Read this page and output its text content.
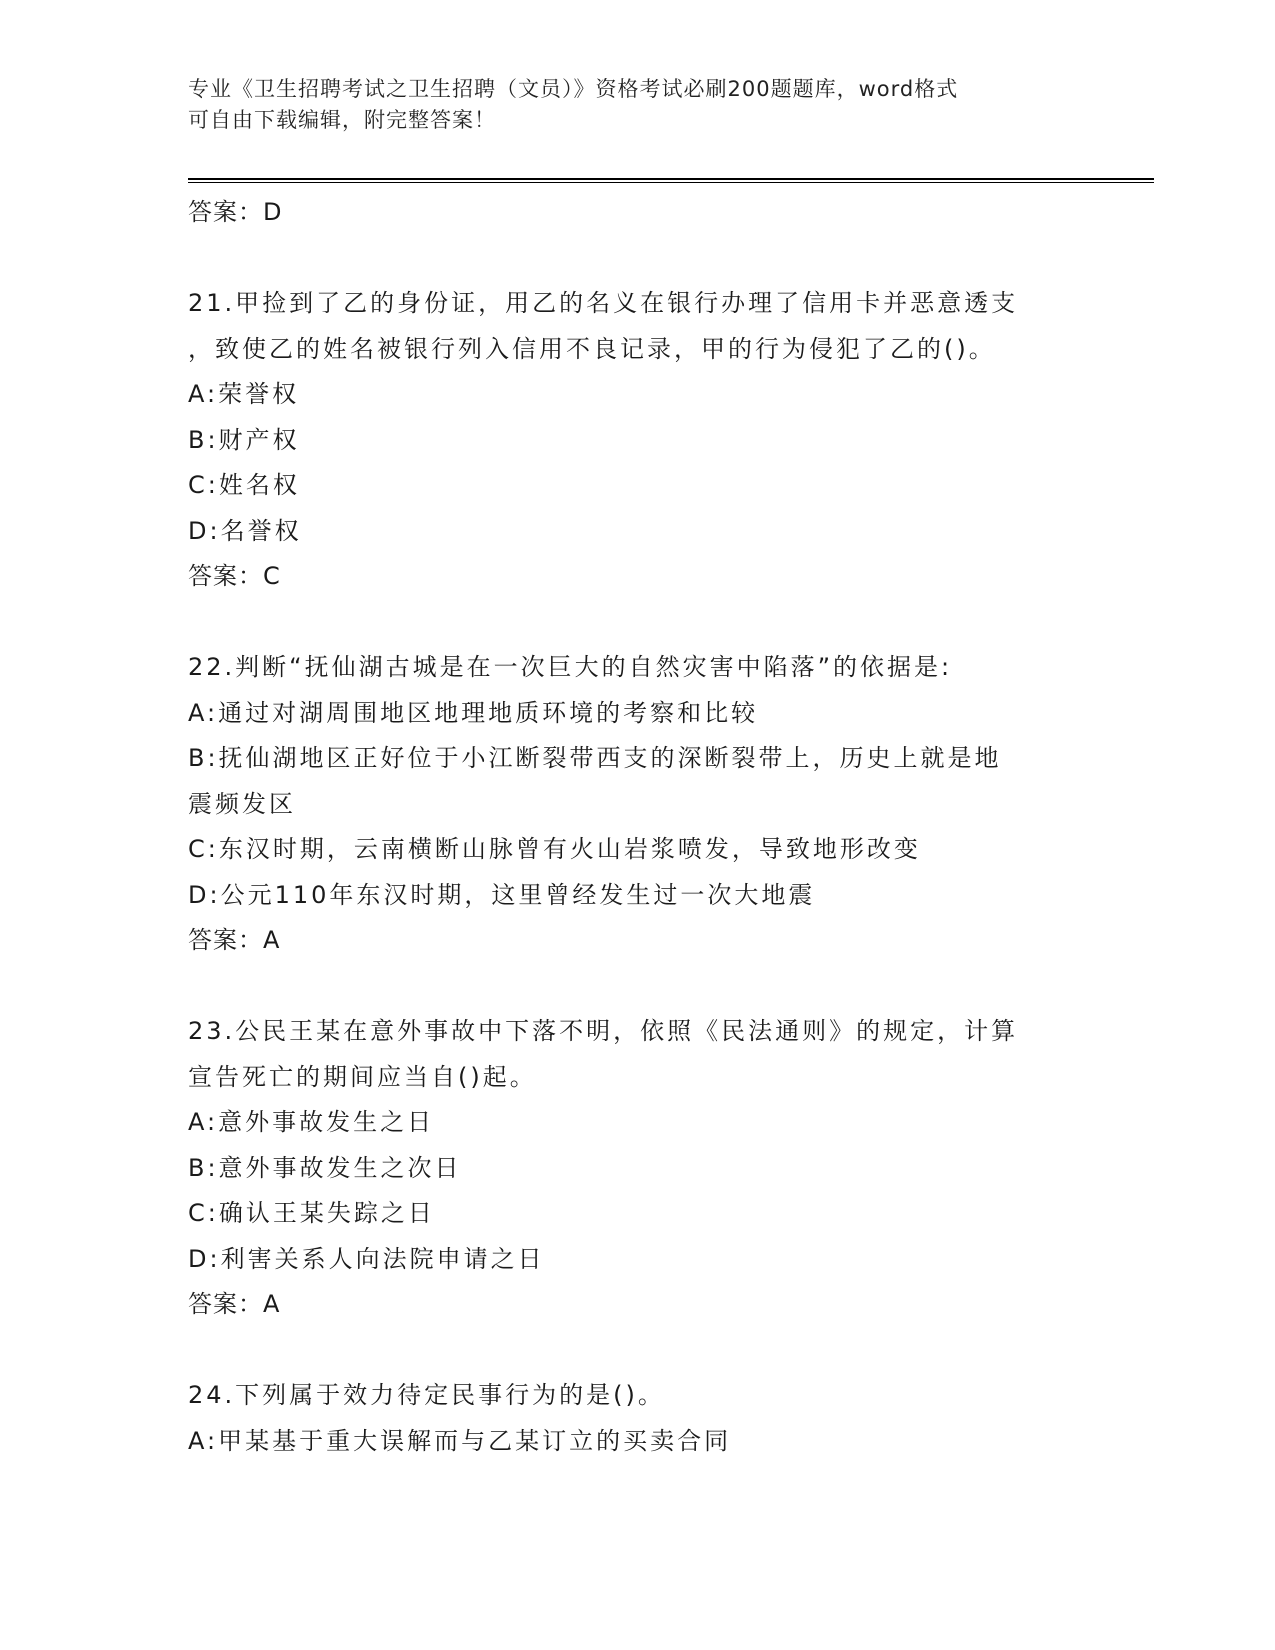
专业《卫生招聘考试之卫生招聘（文员）》资格考试必刷200题题库，word格式
可自由下载编辑，附完整答案！
答案：D
21.甲捡到了乙的身份证，用乙的名义在银行办理了信用卡并恶意透支
，致使乙的姓名被银行列入信用不良记录，甲的行为侵犯了乙的()。
A:荣誉权
B:财产权
C:姓名权
D:名誉权
答案：C
22.判断“抚仙湖古城是在一次巨大的自然灾害中陷落”的依据是:
A:通过对湖周围地区地理地质环境的考察和比较
B:抚仙湖地区正好位于小江断裂带西支的深断裂带上，历史上就是地
震频发区
C:东汉时期，云南横断山脉曾有火山岩浆喷发，导致地形改变
D:公元110年东汉时期，这里曾经发生过一次大地震
答案：A
23.公民王某在意外事故中下落不明，依照《民法通则》的规定，计算
宣告死亡的期间应当自()起。
A:意外事故发生之日
B:意外事故发生之次日
C:确认王某失踪之日
D:利害关系人向法院申请之日
答案：A
24.下列属于效力待定民事行为的是()。
A:甲某基于重大误解而与乙某订立的买卖合同
